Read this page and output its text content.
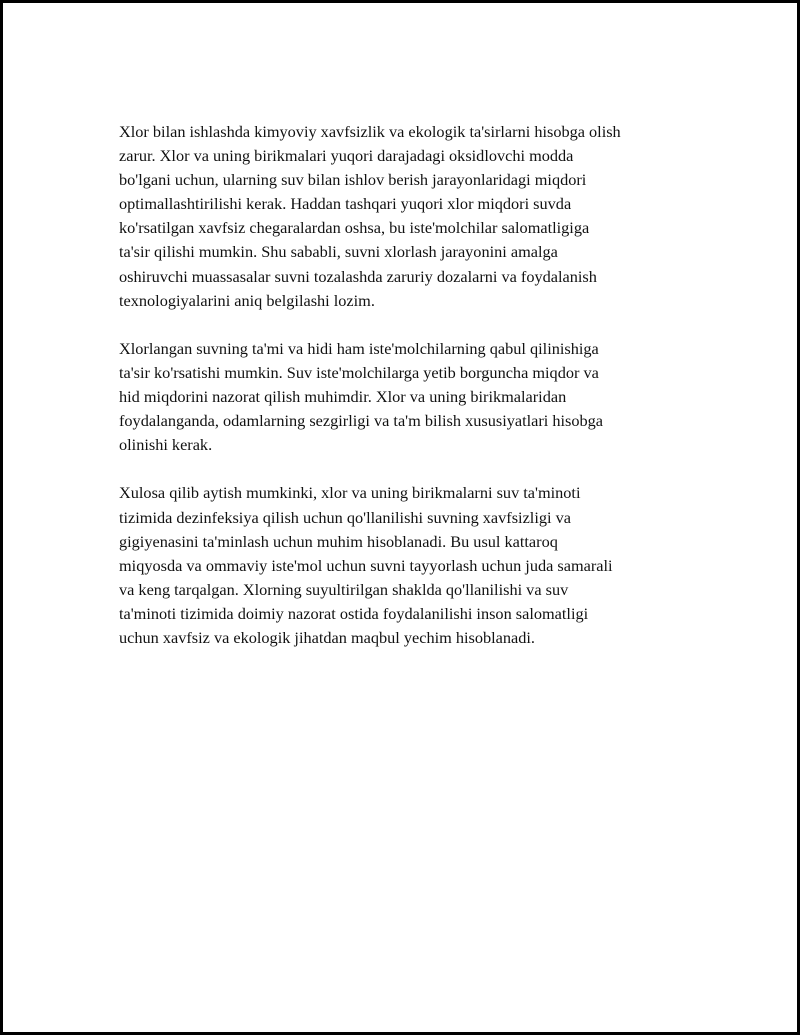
Xlor bilan ishlashda kimyoviy xavfsizlik va ekologik ta'sirlarni hisobga olish
zarur. Xlor va uning birikmalari yuqori darajadagi oksidlovchi modda
bo'lgani uchun, ularning suv bilan ishlov berish jarayonlaridagi miqdori
optimallashtirilishi kerak. Haddan tashqari yuqori xlor miqdori suvda
ko'rsatilgan xavfsiz chegaralardan oshsa, bu iste'molchilar salomatligiga
ta'sir qilishi mumkin. Shu sababli, suvni xlorlash jarayonini amalga
oshiruvchi muassasalar suvni tozalashda zaruriy dozalarni va foydalanish
texnologiyalarini aniq belgilashi lozim.

Xlorlangan suvning ta'mi va hidi ham iste'molchilarning qabul qilinishiga
ta'sir ko'rsatishi mumkin. Suv iste'molchilarga yetib borguncha miqdor va
hid miqdorini nazorat qilish muhimdir. Xlor va uning birikmalaridan
foydalanganda, odamlarning sezgirligi va ta'm bilish xususiyatlari hisobga
olinishi kerak.

Xulosa qilib aytish mumkinki, xlor va uning birikmalarni suv ta'minoti
tizimida dezinfeksiya qilish uchun qo'llanilishi suvning xavfsizligi va
gigiyenasini ta'minlash uchun muhim hisoblanadi. Bu usul kattaroq
miqyosda va ommaviy iste'mol uchun suvni tayyorlash uchun juda samarali
va keng tarqalgan. Xlorning suyultirilgan shaklda qo'llanilishi va suv
ta'minoti tizimida doimiy nazorat ostida foydalanilishi inson salomatligi
uchun xavfsiz va ekologik jihatdan maqbul yechim hisoblanadi.
